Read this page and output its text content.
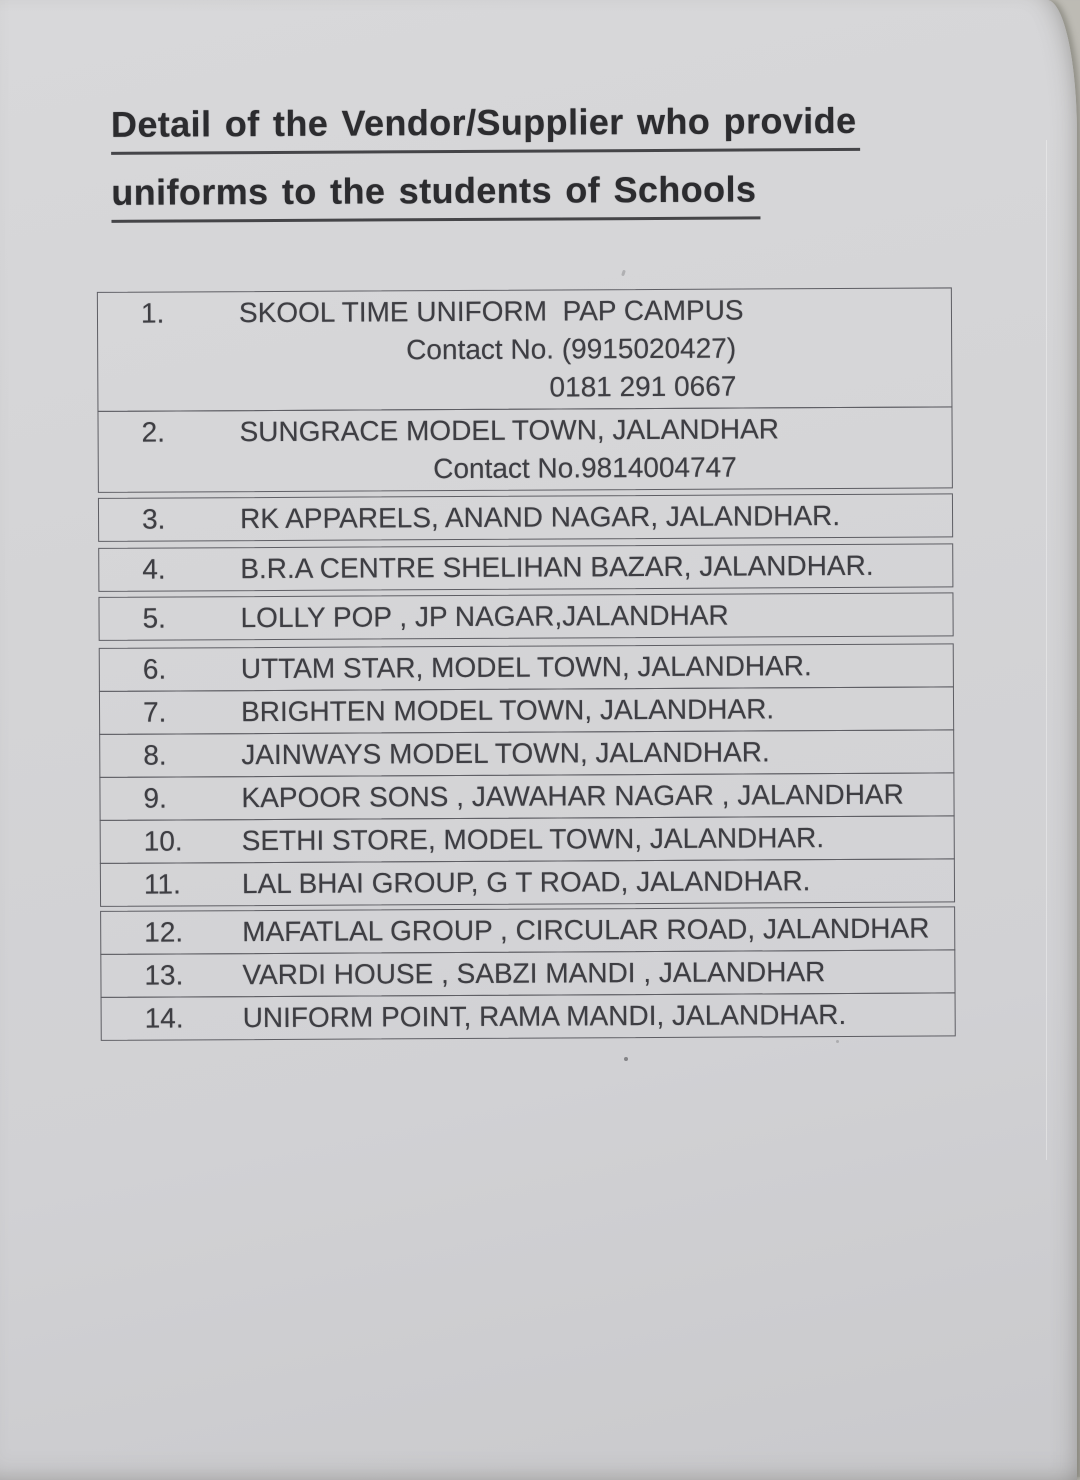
Detail of the Vendor/Supplier who provide
uniforms to the students of Schools
1.	SKOOL TIME UNIFORM  PAP CAMPUS
Contact No. (9915020427)
0181 291 0667
2.	SUNGRACE MODEL TOWN, JALANDHAR
Contact No.9814004747
3.	RK APPARELS, ANAND NAGAR, JALANDHAR.
4.	B.R.A CENTRE SHELIHAN BAZAR, JALANDHAR.
5.	LOLLY POP , JP NAGAR,JALANDHAR
6.	UTTAM STAR, MODEL TOWN, JALANDHAR.
7.	BRIGHTEN MODEL TOWN, JALANDHAR.
8.	JAINWAYS MODEL TOWN, JALANDHAR.
9.	KAPOOR SONS , JAWAHAR NAGAR , JALANDHAR
10.	SETHI STORE, MODEL TOWN, JALANDHAR.
11.	LAL BHAI GROUP, G T ROAD, JALANDHAR.
12.	MAFATLAL GROUP , CIRCULAR ROAD, JALANDHAR
13.	VARDI HOUSE , SABZI MANDI , JALANDHAR
14.	UNIFORM POINT, RAMA MANDI, JALANDHAR.
